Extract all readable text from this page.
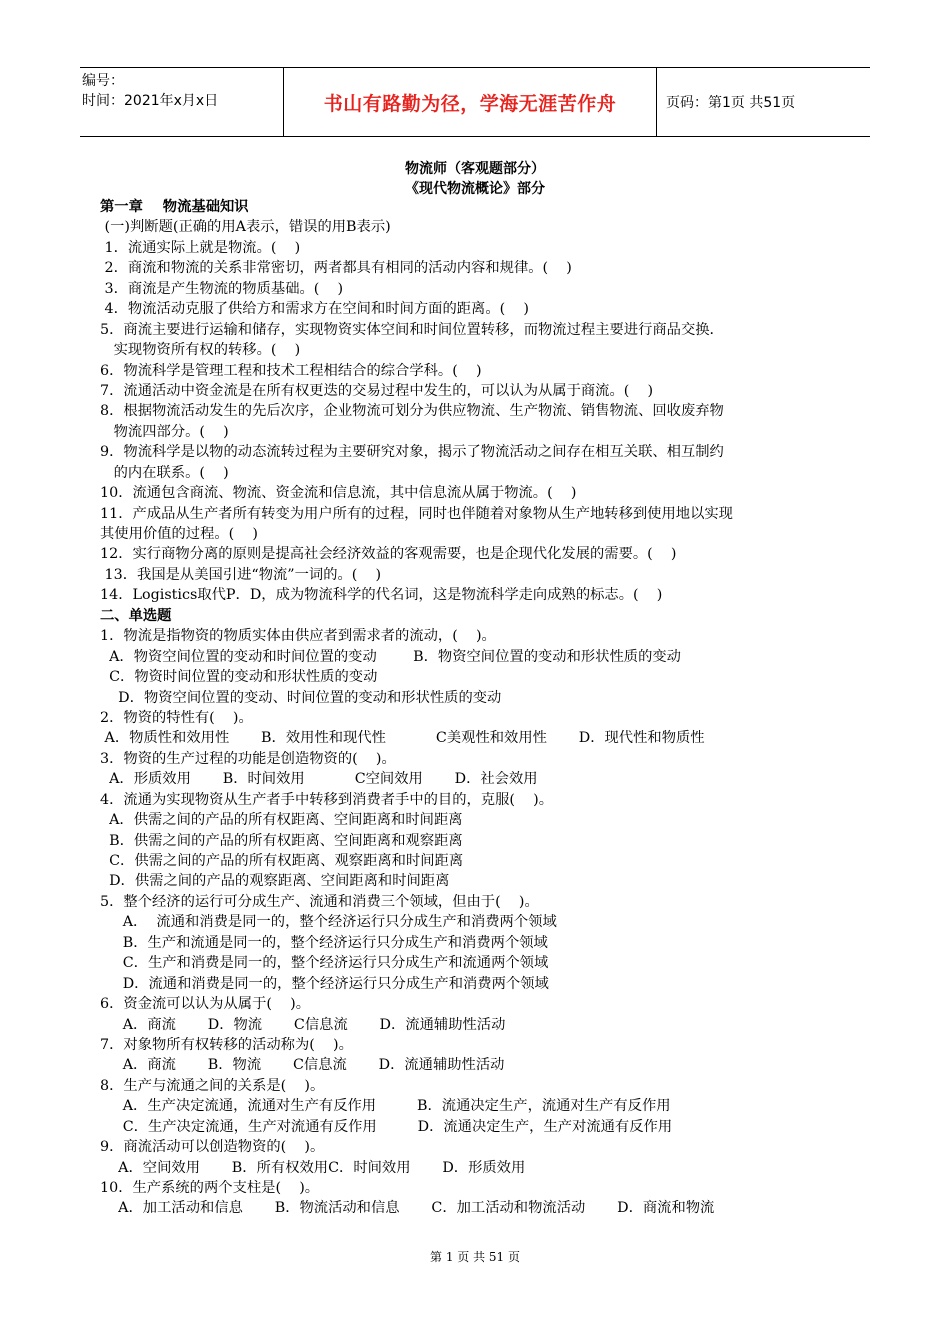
编号：
时间：2021年x月x日	书山有路勤为径，学海无涯苦作舟	页码：第1页 共51页
物流师（客观题部分）
《现代物流概论》部分
第一章    物流基础知识
(一)判断题(正确的用A表示，错误的用B表示)
1．流通实际上就是物流。(    )
2．商流和物流的关系非常密切，两者都具有相同的活动内容和规律。(    )
3．商流是产生物流的物质基础。(    )
4．物流活动克服了供给方和需求方在空间和时间方面的距离。(    )
5．商流主要进行运输和储存，实现物资实体空间和时间位置转移，而物流过程主要进行商品交换．
实现物资所有权的转移。(    )
6．物流科学是管理工程和技术工程相结合的综合学科。(    )
7．流通活动中资金流是在所有权更迭的交易过程中发生的，可以认为从属于商流。(    )
8．根据物流活动发生的先后次序，企业物流可划分为供应物流、生产物流、销售物流、回收废弃物
物流四部分。(    )
9．物流科学是以物的动态流转过程为主要研究对象，揭示了物流活动之间存在相互关联、相互制约
的内在联系。(    )
10．流通包含商流、物流、资金流和信息流，其中信息流从属于物流。(    )
11．产成品从生产者所有转变为用户所有的过程，同时也伴随着对象物从生产地转移到使用地以实现
其使用价值的过程。(    )
12．实行商物分离的原则是提高社会经济效益的客观需要，也是企现代化发展的需要。(    )
13．我国是从美国引进“物流”一词的。(    )
14．Logistics取代P．D，成为物流科学的代名词，这是物流科学走向成熟的标志。(    )
二、单选题
1．物流是指物资的物质实体由供应者到需求者的流动，(    )。
A．物资空间位置的变动和时间位置的变动        B．物资空间位置的变动和形状性质的变动
C．物资时间位置的变动和形状性质的变动
D．物资空间位置的变动、时间位置的变动和形状性质的变动
2．物资的特性有(    )。
A．物质性和效用性       B．效用性和现代性           C美观性和效用性       D．现代性和物质性
3．物资的生产过程的功能是创造物资的(    )。
A．形质效用       B．时间效用           C空间效用       D．社会效用
4．流通为实现物资从生产者手中转移到消费者手中的目的，克服(    )。
A．供需之间的产品的所有权距离、空间距离和时间距离
B．供需之间的产品的所有权距离、空间距离和观察距离
C．供需之间的产品的所有权距离、观察距离和时间距离
D．供需之间的产品的观察距离、空间距离和时间距离
5．整个经济的运行可分成生产、流通和消费三个领域，但由于(    )。
A．  流通和消费是同一的，整个经济运行只分成生产和消费两个领域
B．生产和流通是同一的，整个经济运行只分成生产和消费两个领域
C．生产和消费是同一的，整个经济运行只分成生产和流通两个领域
D．流通和消费是同一的，整个经济运行只分成生产和消费两个领域
6．资金流可以认为从属于(    )。
A．商流       D．物流       C信息流       D．流通辅助性活动
7．对象物所有权转移的活动称为(    )。
A．商流       B．物流       C信息流       D．流通辅助性活动
8．生产与流通之间的关系是(    )。
A．生产决定流通，流通对生产有反作用         B．流通决定生产，流通对生产有反作用
C．生产决定流通，生产对流通有反作用         D．流通决定生产，生产对流通有反作用
9．商流活动可以创造物资的(    )。
A．空间效用       B．所有权效用C．时间效用       D．形质效用
10．生产系统的两个支柱是(    )。
A．加工活动和信息       B．物流活动和信息       C．加工活动和物流活动       D．商流和物流
第 1 页 共 51 页
